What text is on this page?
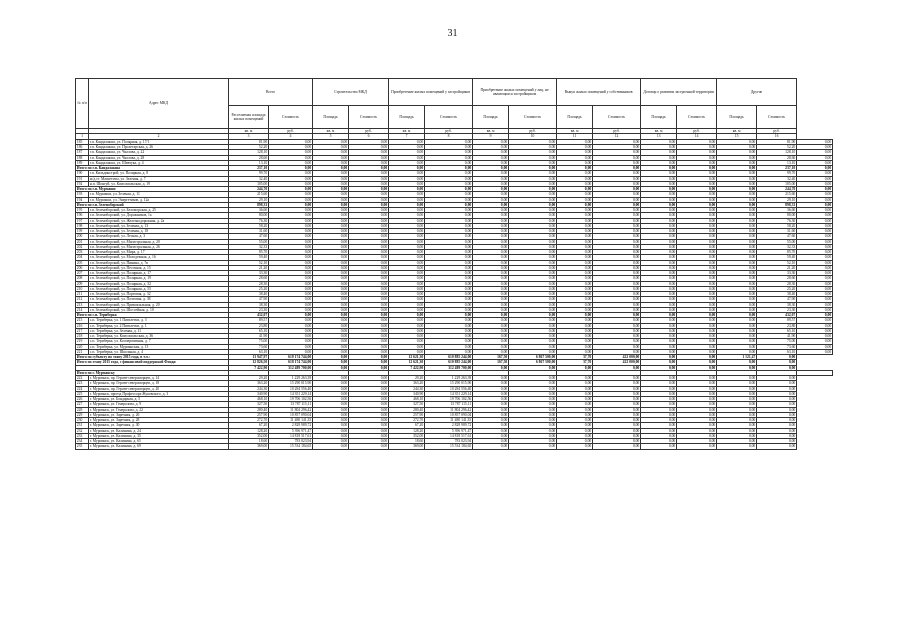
31
№ п/п	Адрес МКД	Всего		Строительство МКД		Приобретение жилых помещений у застройщиков		Приобретение жилых помещений у лиц, не являющихся застройщиком		Выкуп жилых помещений у собственников		Договор о развитии застроенной территории		Другие		
		Расселяемая площадь жилых помещений	Стоимость	Площадь	Стоимость	Площадь	Стоимость	Площадь	Стоимость	Площадь	Стоимость	Площадь	Стоимость	Площадь	Стоимость	
		кв. м	руб.	кв. м	руб.	кв. м	руб.	кв. м	руб.	кв. м	руб.	кв. м	руб.	кв. м	руб.	
1	2	3	4	5	6	7	8	9	10	11	12	13	14	15	16	
185	г.п. Кандалакша, ул. Полярная, д. 17/1	81,90	0,00	0,00	0,00	0,00	0,00	0,00	0,00	0,00	0,00	0,00	0,00	0,00	81,90	0,00
186	г.п. Кандалакша, ул. Пролетарская, д. 26	52,20	0,00	0,00	0,00	0,00	0,00	0,00	0,00	0,00	0,00	0,00	0,00	0,00	52,20	0,00
187	г.п. Кандалакша, ул. Чкалова, д. 22	128,10	0,00	0,00	0,00	0,00	0,00	0,00	0,00	0,00	0,00	0,00	0,00	0,00	128,10	0,00
188	г.п. Кандалакша, ул. Чкалова, д. 28	28,60	0,00	0,00	0,00	0,00	0,00	0,00	0,00	0,00	0,00	0,00	0,00	0,00	28,60	0,00
189	г.п. Кандалакша, ул. Шевчука, д. 4	13,10	0,00	0,00	0,00	0,00	0,00	0,00	0,00	0,00	0,00	0,00	0,00	0,00	13,10	0,00
Итого по г.п. Кандалакша		237,10	0,00	0,00	0,00	0,00	0,00	0,00	0,00	0,00	0,00	0,00	0,00	0,00	237,10	0,00
190	г.п. Кильдинстрой, ул. Полярная, д. 8	99,70	0,00	0,00	0,00	0,00	0,00	0,00	0,00	0,00	0,00	0,00	0,00	0,00	99,70	0,00
191	ж/д.ст. Магнетиты, ул. Зеленая, д. 7	32,40	0,00	0,00	0,00	0,00	0,00	0,00	0,00	0,00	0,00	0,00	0,00	0,00	32,40	0,00
192	н.п. Шонгуй, ул. Комсомольская, д. 19	105,00	0,00	0,00	0,00	0,00	0,00	0,00	0,00	0,00	0,00	0,00	0,00	0,00	105,00	0,00
Итого по г.п. Мурмаши		244,70	0,00	0,00	0,00	0,00	0,00	0,00	0,00	0,00	0,00	0,00	0,00	0,00	244,70	0,00
193	г.п. Мурмаши, ул. Зеленая, д. 11	215,60	0,00	0,00	0,00	0,00	0,00	0,00	0,00	0,00	0,00	0,00	0,00	0,00	215,60	0,00
194	г.п. Мурмаши, ул. Энергетиков, д. 12а	29,10	0,00	0,00	0,00	0,00	0,00	0,00	0,00	0,00	0,00	0,00	0,00	0,00	29,10	0,00
Итого по г.п. Зеленоборский		898,33	0,00	0,00	0,00	0,00	0,00	0,00	0,00	0,00	0,00	0,00	0,00	0,00	898,33	0,00
195	г.п. Зеленоборский, ул. Беломорская, д. 25	36,60	0,00	0,00	0,00	0,00	0,00	0,00	0,00	0,00	0,00	0,00	0,00	0,00	36,60	0,00
196	г.п. Зеленоборский, ул. Дорожников, 1а	80,00	0,00	0,00	0,00	0,00	0,00	0,00	0,00	0,00	0,00	0,00	0,00	0,00	80,00	0,00
197	г.п. Зеленоборский, ул. Железнодорожная, д. 2а	76,30	0,00	0,00	0,00	0,00	0,00	0,00	0,00	0,00	0,00	0,00	0,00	0,00	76,30	0,00
198	г.п. Зеленоборский, ул. Зеленая, д. 13	58,20	0,00	0,00	0,00	0,00	0,00	0,00	0,00	0,00	0,00	0,00	0,00	0,00	58,20	0,00
199	г.п. Зеленоборский, ул. Зеленая, д. 18	31,60	0,00	0,00	0,00	0,00	0,00	0,00	0,00	0,00	0,00	0,00	0,00	0,00	31,60	0,00
200	г.п. Зеленоборский, ул. Лесная, д. 3	47,60	0,00	0,00	0,00	0,00	0,00	0,00	0,00	0,00	0,00	0,00	0,00	0,00	47,60	0,00
201	г.п. Зеленоборский, ул. Магистральная, д. 20	55,00	0,00	0,00	0,00	0,00	0,00	0,00	0,00	0,00	0,00	0,00	0,00	0,00	55,00	0,00
202	г.п. Зеленоборский, ул. Магистральная, д. 26	32,33	0,00	0,00	0,00	0,00	0,00	0,00	0,00	0,00	0,00	0,00	0,00	0,00	32,33	0,00
203	г.п. Зеленоборский, ул. Мира, д. 17	85,70	0,00	0,00	0,00	0,00	0,00	0,00	0,00	0,00	0,00	0,00	0,00	0,00	85,70	0,00
204	г.п. Зеленоборский, ул. Молодежная, д. 16	59,40	0,00	0,00	0,00	0,00	0,00	0,00	0,00	0,00	0,00	0,00	0,00	0,00	59,40	0,00
205	г.п. Зеленоборский, ул. Пинина, д. 7в	52,10	0,00	0,00	0,00	0,00	0,00	0,00	0,00	0,00	0,00	0,00	0,00	0,00	52,10	0,00
206	г.п. Зеленоборский, ул. Песочная, д. 15	21,20	0,00	0,00	0,00	0,00	0,00	0,00	0,00	0,00	0,00	0,00	0,00	0,00	21,20	0,00
207	г.п. Зеленоборский, ул. Полярная, д. 17	33,30	0,00	0,00	0,00	0,00	0,00	0,00	0,00	0,00	0,00	0,00	0,00	0,00	33,30	0,00
208	г.п. Зеленоборский, ул. Полярная, д. 19	28,60	0,00	0,00	0,00	0,00	0,00	0,00	0,00	0,00	0,00	0,00	0,00	0,00	28,60	0,00
209	г.п. Зеленоборский, ул. Полярная, д. 32	28,30	0,00	0,00	0,00	0,00	0,00	0,00	0,00	0,00	0,00	0,00	0,00	0,00	28,30	0,00
210	г.п. Зеленоборский, ул. Полярная, д. 55	25,20	0,00	0,00	0,00	0,00	0,00	0,00	0,00	0,00	0,00	0,00	0,00	0,00	25,20	0,00
211	г.п. Зеленоборский, ул. Портовая, д. 32	38,40	0,00	0,00	0,00	0,00	0,00	0,00	0,00	0,00	0,00	0,00	0,00	0,00	38,40	0,00
212	г.п. Зеленоборский, ул. Почтовая, д. 38	47,90	0,00	0,00	0,00	0,00	0,00	0,00	0,00	0,00	0,00	0,00	0,00	0,00	47,90	0,00
213	г.п. Зеленоборский, ул. Привокзальная, д. 20	38,30	0,00	0,00	0,00	0,00	0,00	0,00	0,00	0,00	0,00	0,00	0,00	0,00	38,30	0,00
214	г.п. Зеленоборский, ул. Шоссейная, д. 10	23,30	0,00	0,00	0,00	0,00	0,00	0,00	0,00	0,00	0,00	0,00	0,00	0,00	23,30	0,00
Итого по с.п. Териберка		432,07	0,00	0,00	0,00	0,00	0,00	0,00	0,00	0,00	0,00	0,00	0,00	0,00	432,07	0,00
215	с.п. Териберка, ул. 1 Пятилетки, д. 3	89,57	0,00	0,00	0,00	0,00	0,00	0,00	0,00	0,00	0,00	0,00	0,00	0,00	89,57	0,00
216	с.п. Териберка, ул. 2 Пятилетки, д. 1	23,80	0,00	0,00	0,00	0,00	0,00	0,00	0,00	0,00	0,00	0,00	0,00	0,00	23,80	0,00
217	с.п. Териберка, ул. Зеленая, д. 11	65,10	0,00	0,00	0,00	0,00	0,00	0,00	0,00	0,00	0,00	0,00	0,00	0,00	65,10	0,00
218	с.п. Териберка, ул. Комсомольская, д. 36	41,90	0,00	0,00	0,00	0,00	0,00	0,00	0,00	0,00	0,00	0,00	0,00	0,00	41,90	0,00
219	с.п. Териберка, ул. Кооперативная, д. 7	75,00	0,00	0,00	0,00	0,00	0,00	0,00	0,00	0,00	0,00	0,00	0,00	0,00	75,00	0,00
220	с.п. Териберка, ул. Мурманская, д. 13	73,60	0,00	0,00	0,00	0,00	0,00	0,00	0,00	0,00	0,00	0,00	0,00	0,00	73,60	0,00
221	с.п. Териберка, ул. Школьная, д. 4	63,10	0,00	0,00	0,00	0,00	0,00	0,00	0,00	0,00	0,00	0,00	0,00	0,00	63,10	0,00
Итого по субъекту по этапу 2015 года, в т.ч.:		13 947,97	618 174 744,00	0,00	0,00	12 621,30	610 885 244,00	167,50	6 867 500,00	37,70	422 000,00	0,00	0,00	1 121,47	0,00	
Итого по этапу 2015 года, с финансовой поддержкой Фонда:		12 826,50	618 174 744,00	0,00	0,00	12 621,30	610 885 244,00	167,50	6 867 500,00	37,70	422 000,00	0,00	0,00	0,00	0,00	
		7 422,90	312 489 700,00	0,00	0,00	7 422,90	312 489 700,00	0,00	0,00	0,00	0,00	0,00	0,00	0,00	0,00	
Итого по г. Мурманску																
222	г. Мурманск, пр. Героев-североморцев, д. 14	29,20	1 229 263,39	0,00	0,00	29,20	1 229 263,39	0,00	0,00	0,00	0,00	0,00	0,00	0,00	0,00	
223	г. Мурманск, пр. Героев-североморцев, д. 18	363,20	15 290 015,90	0,00	0,00	363,20	15 290 015,90	0,00	0,00	0,00	0,00	0,00	0,00	0,00	0,00	
224	г. Мурманск, пр. Героев-североморцев, д. 20	244,30	10 284 556,40	0,00	0,00	244,30	10 284 556,40	0,00	0,00	0,00	0,00	0,00	0,00	0,00	0,00	
225	г. Мурманск, проезд Профессора Жуковского, д. 3	340,90	14 351 229,14	0,00	0,00	340,90	14 351 229,14	0,00	0,00	0,00	0,00	0,00	0,00	0,00	0,00	
226	г. Мурманск, ул. Бондарная, д. 5	468,10	19 706 102,56	0,00	0,00	468,10	19 706 102,56	0,00	0,00	0,00	0,00	0,00	0,00	0,00	0,00	
227	г. Мурманск, ул. Генералова, д. 9	327,50	13 787 115,11	0,00	0,00	327,50	13 787 115,11	0,00	0,00	0,00	0,00	0,00	0,00	0,00	0,00	
228	г. Мурманск, ул. Генералова, д. 22	280,40	11 804 296,42	0,00	0,00	280,40	11 804 296,42	0,00	0,00	0,00	0,00	0,00	0,00	0,00	0,00	
229	г. Мурманск, ул. Заречная, д. 26	257,90	10 857 090,04	0,00	0,00	257,90	10 857 090,04	0,00	0,00	0,00	0,00	0,00	0,00	0,00	0,00	
230	г. Мурманск, ул. Заречная, д. 28	272,70	11 480 141,35	0,00	0,00	272,70	11 480 141,35	0,00	0,00	0,00	0,00	0,00	0,00	0,00	0,00	
231	г. Мурманск, ул. Заречная, д. 30	67,20	2 828 989,72	0,00	0,00	67,20	2 828 989,72	0,00	0,00	0,00	0,00	0,00	0,00	0,00	0,00	
232	г. Мурманск, ул. Калинина, д. 24	128,20	5 396 971,47	0,00	0,00	128,20	5 396 971,47	0,00	0,00	0,00	0,00	0,00	0,00	0,00	0,00	
233	г. Мурманск, ул. Калинина, д. 35	352,00	14 818 517,61	0,00	0,00	352,00	14 818 517,61	0,00	0,00	0,00	0,00	0,00	0,00	0,00	0,00	
234	г. Мурманск, ул. Калинина, д. 65	18,60	783 023,94	0,00	0,00	18,60	783 023,94	0,00	0,00	0,00	0,00	0,00	0,00	0,00	0,00	
235	г. Мурманск, ул. Калинина, д. 69	369,00	15 534 184,65	0,00	0,00	369,00	15 534 184,65	0,00	0,00	0,00	0,00	0,00	0,00	0,00	0,00	
